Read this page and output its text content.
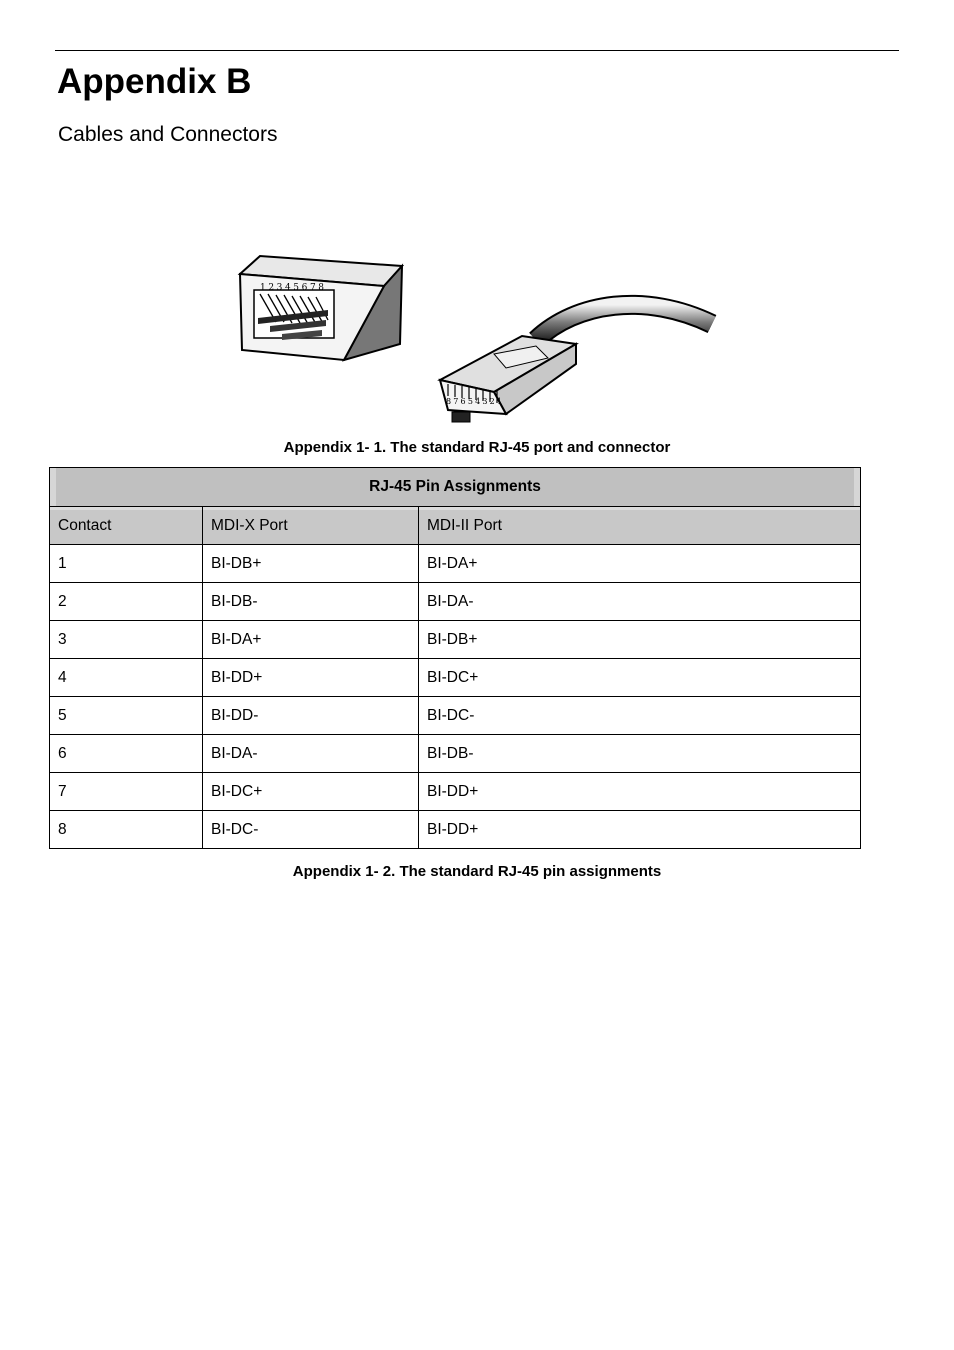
Appendix B
Cables and Connectors
12345678
87654321
Appendix 1- 1. The standard RJ-45 port and connector
RJ-45 Pin Assignments		
Contact	MDI-X Port	MDI-II Port
1	BI-DB+	BI-DA+
2	BI-DB-	BI-DA-
3	BI-DA+	BI-DB+
4	BI-DD+	BI-DC+
5	BI-DD-	BI-DC-
6	BI-DA-	BI-DB-
7	BI-DC+	BI-DD+
8	BI-DC-	BI-DD+
Appendix 1- 2. The standard RJ-45 pin assignments
